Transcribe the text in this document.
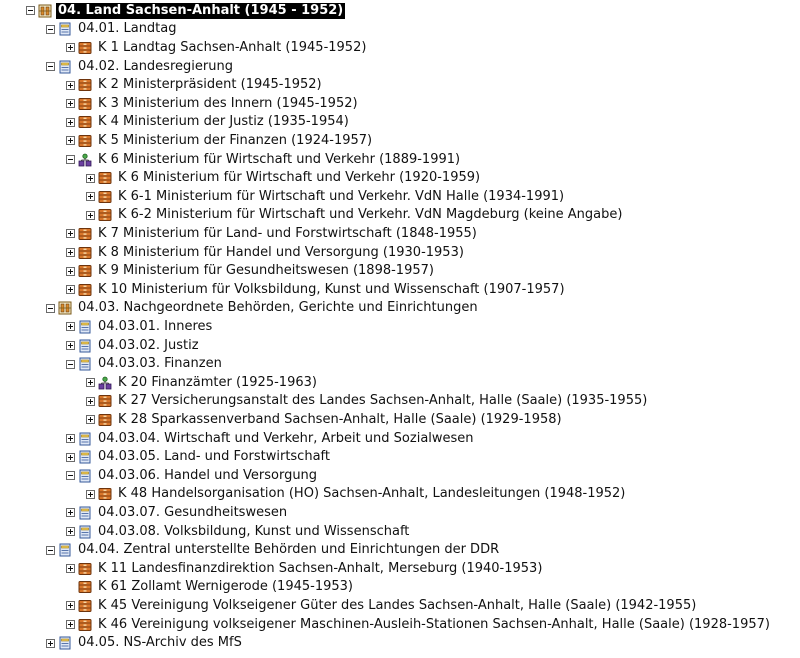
04. Land Sachsen-Anhalt (1945 - 1952)
04.01. Landtag
K 1 Landtag Sachsen-Anhalt (1945-1952)
04.02. Landesregierung
K 2 Ministerpräsident (1945-1952)
K 3 Ministerium des Innern (1945-1952)
K 4 Ministerium der Justiz (1935-1954)
K 5 Ministerium der Finanzen (1924-1957)
K 6 Ministerium für Wirtschaft und Verkehr (1889-1991)
K 6 Ministerium für Wirtschaft und Verkehr (1920-1959)
K 6-1 Ministerium für Wirtschaft und Verkehr. VdN Halle (1934-1991)
K 6-2 Ministerium für Wirtschaft und Verkehr. VdN Magdeburg (keine Angabe)
K 7 Ministerium für Land- und Forstwirtschaft (1848-1955)
K 8 Ministerium für Handel und Versorgung (1930-1953)
K 9 Ministerium für Gesundheitswesen (1898-1957)
K 10 Ministerium für Volksbildung, Kunst und Wissenschaft (1907-1957)
04.03. Nachgeordnete Behörden, Gerichte und Einrichtungen
04.03.01. Inneres
04.03.02. Justiz
04.03.03. Finanzen
K 20 Finanzämter (1925-1963)
K 27 Versicherungsanstalt des Landes Sachsen-Anhalt, Halle (Saale) (1935-1955)
K 28 Sparkassenverband Sachsen-Anhalt, Halle (Saale) (1929-1958)
04.03.04. Wirtschaft und Verkehr, Arbeit und Sozialwesen
04.03.05. Land- und Forstwirtschaft
04.03.06. Handel und Versorgung
K 48 Handelsorganisation (HO) Sachsen-Anhalt, Landesleitungen (1948-1952)
04.03.07. Gesundheitswesen
04.03.08. Volksbildung, Kunst und Wissenschaft
04.04. Zentral unterstellte Behörden und Einrichtungen der DDR
K 11 Landesfinanzdirektion Sachsen-Anhalt, Merseburg (1940-1953)
K 61 Zollamt Wernigerode (1945-1953)
K 45 Vereinigung Volkseigener Güter des Landes Sachsen-Anhalt, Halle (Saale) (1942-1955)
K 46 Vereinigung volkseigener Maschinen-Ausleih-Stationen Sachsen-Anhalt, Halle (Saale) (1928-1957)
04.05. NS-Archiv des MfS
